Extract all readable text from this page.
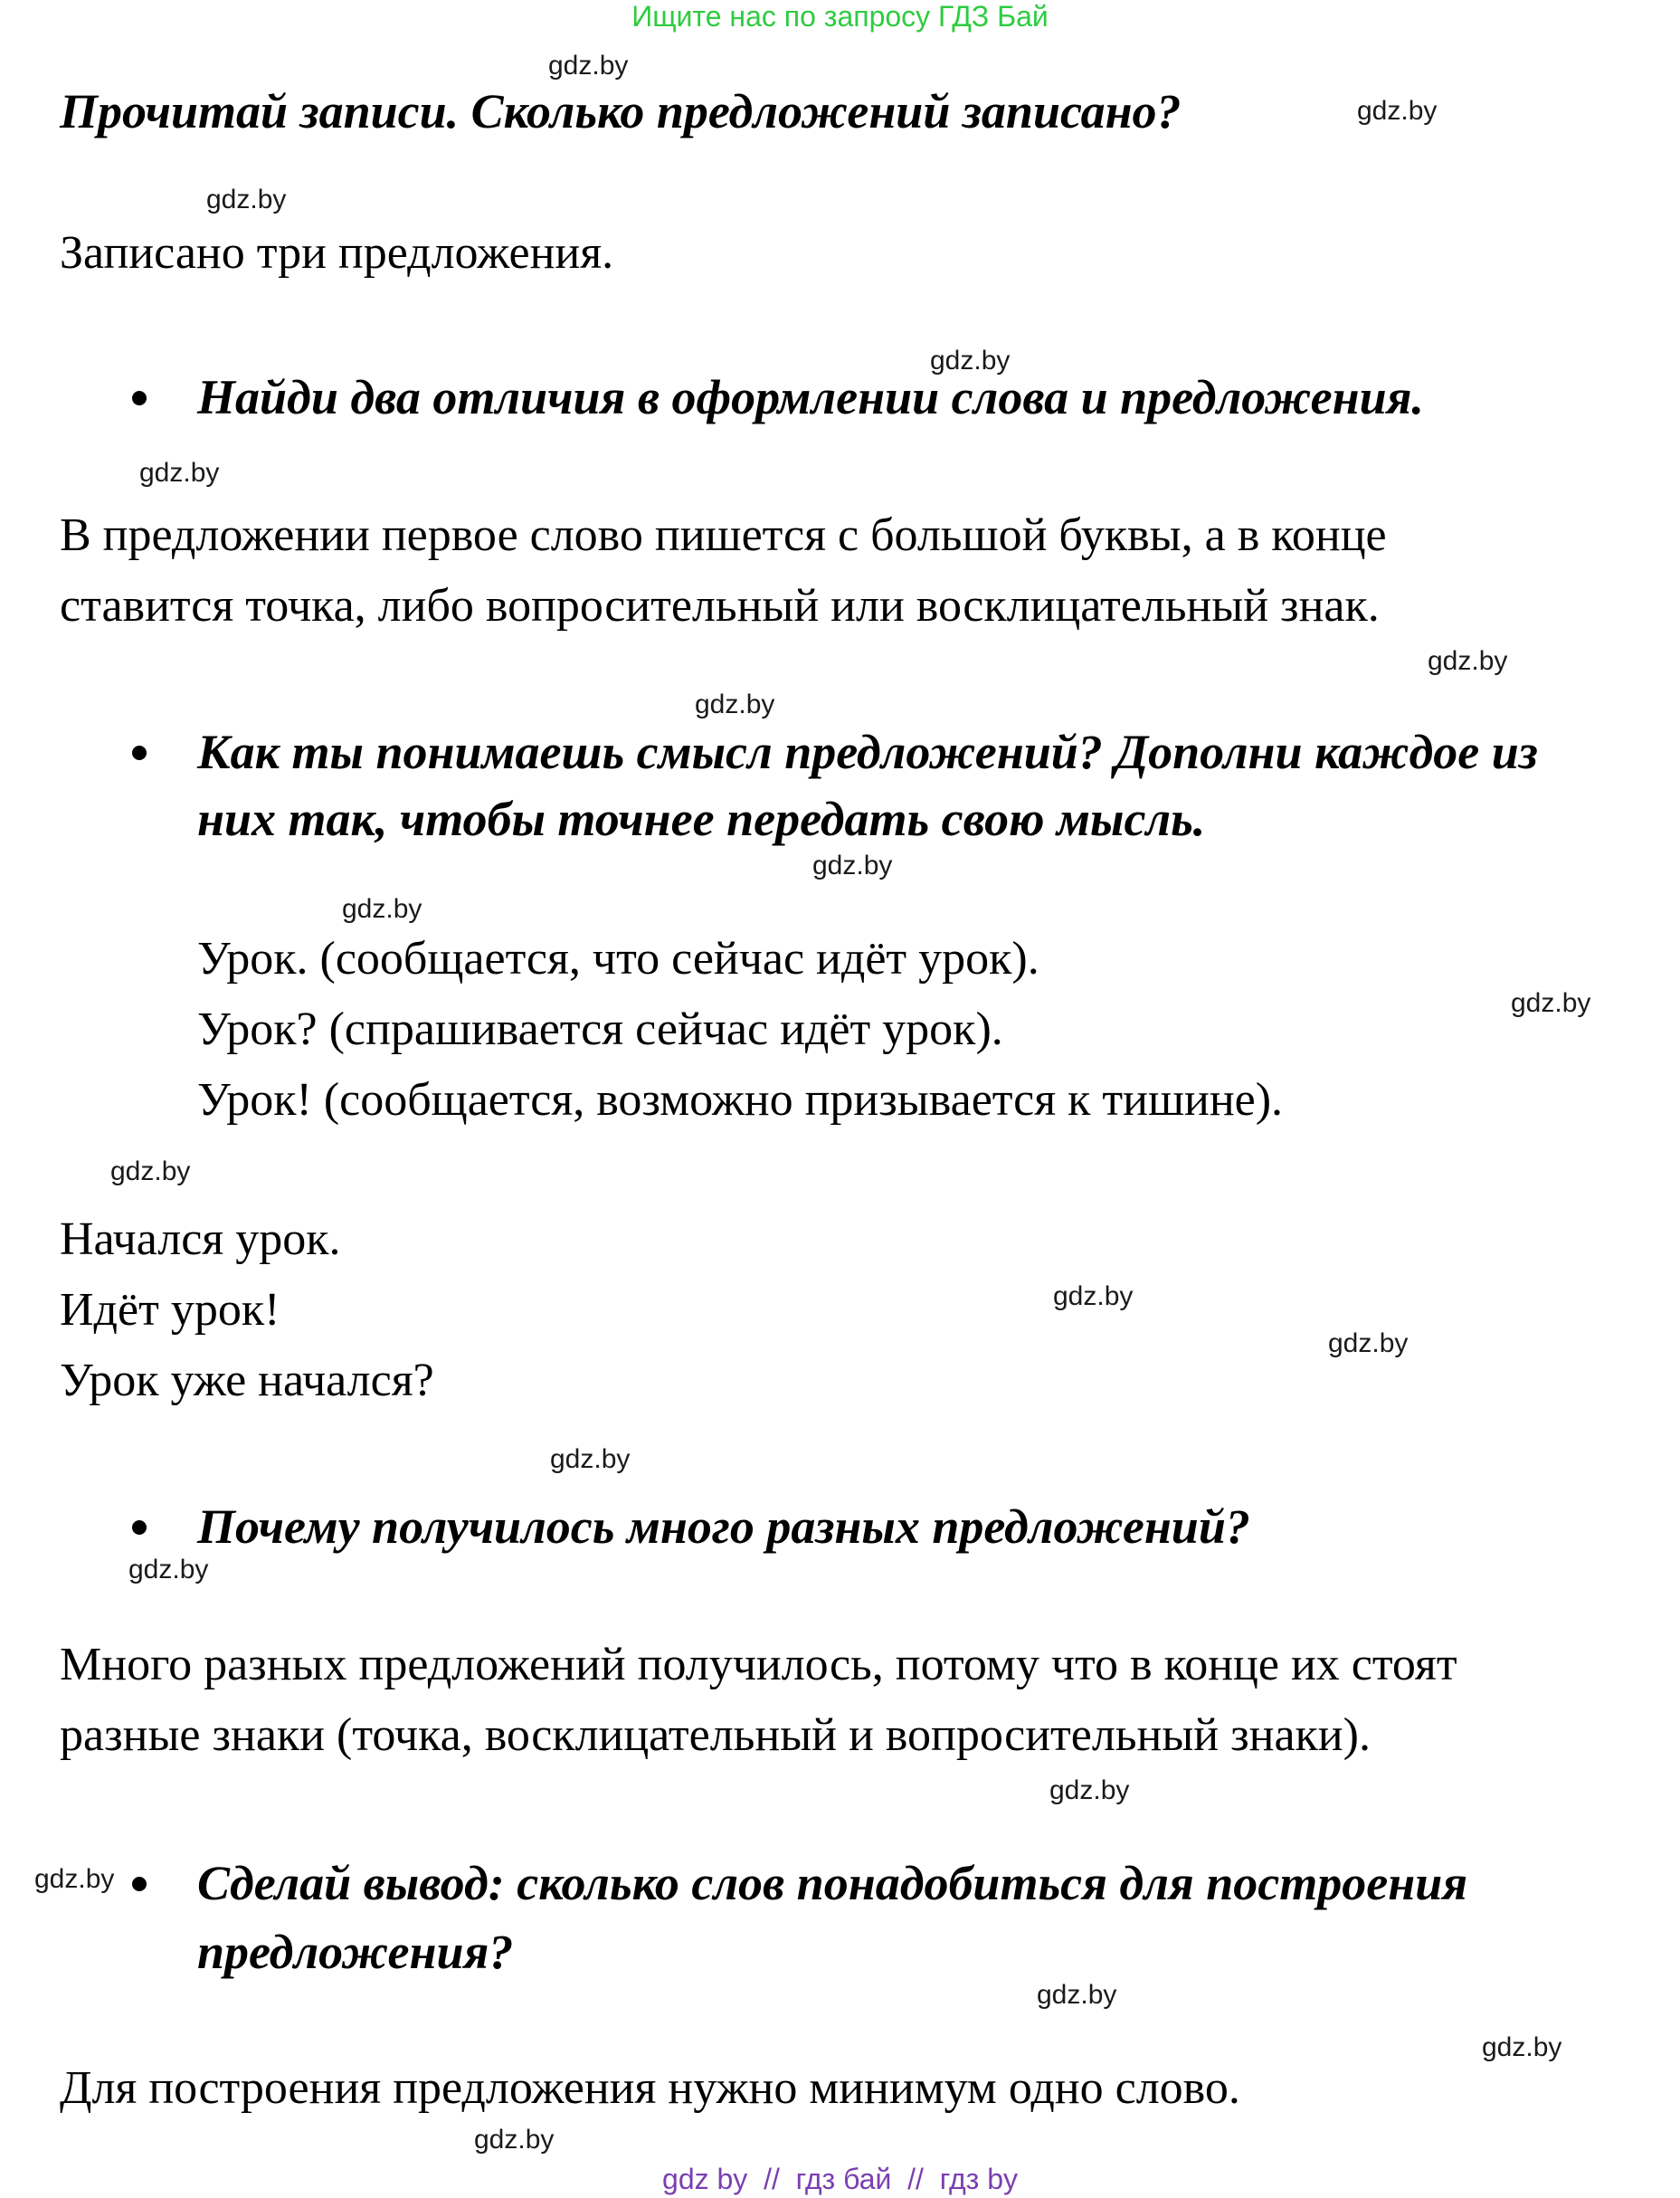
Ищите нас по запросу ГДЗ Бай
Прочитай записи. Сколько предложений записано?
Записано три предложения.
Найди два отличия в оформлении слова и предложения.
В предложении первое слово пишется с большой буквы, а в конце
ставится точка, либо вопросительный или восклицательный знак.
Как ты понимаешь смысл предложений? Дополни каждое из
них так, чтобы точнее передать свою мысль.
Урок. (сообщается, что сейчас идёт урок).
Урок? (спрашивается сейчас идёт урок).
Урок! (сообщается, возможно призывается к тишине).
Начался урок.
Идёт урок!
Урок уже начался?
Почему получилось много разных предложений?
Много разных предложений получилось, потому что в конце их стоят
разные знаки (точка, восклицательный и вопросительный знаки).
Сделай вывод: сколько слов понадобиться для построения
предложения?
Для построения предложения нужно минимум одно слово.
gdz.by
gdz.by
gdz.by
gdz.by
gdz.by
gdz.by
gdz.by
gdz.by
gdz.by
gdz.by
gdz.by
gdz.by
gdz.by
gdz.by
gdz.by
gdz.by
gdz.by
gdz.by
gdz.by
gdz.by
gdz by  //  гдз бай  //  гдз by
